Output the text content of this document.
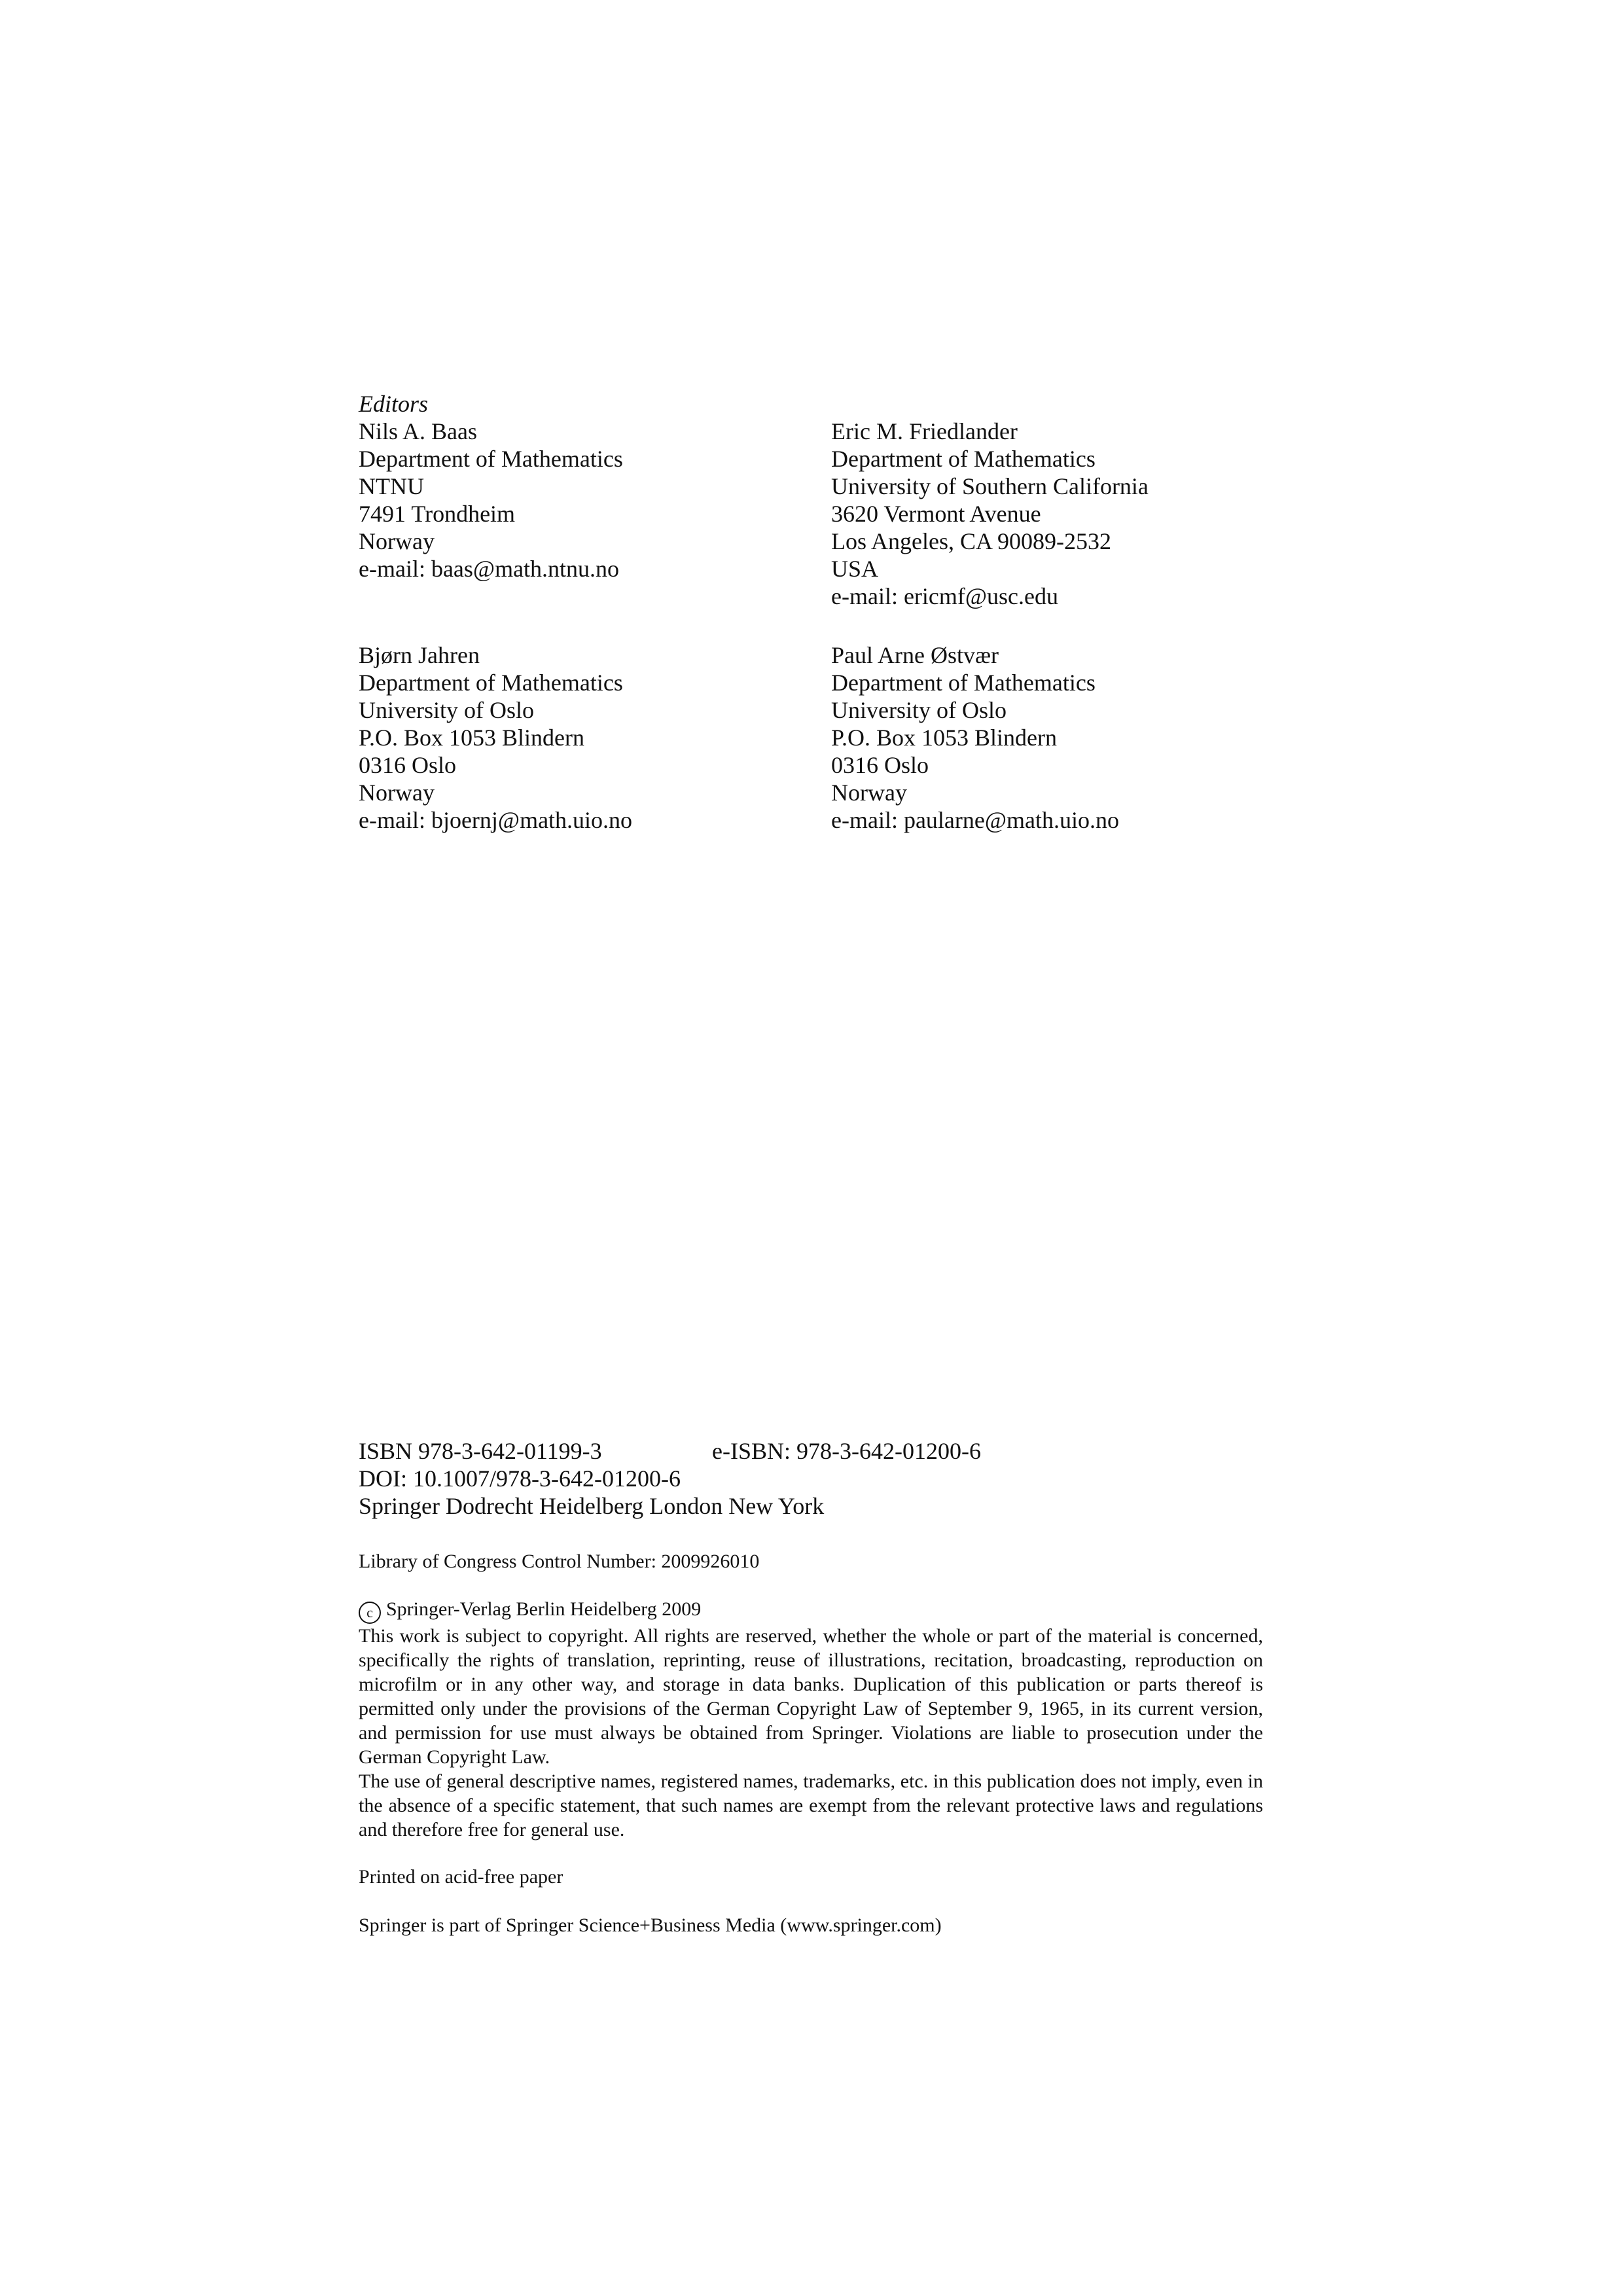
Editors
Nils A. Baas
Department of Mathematics
NTNU
7491 Trondheim
Norway
e-mail: baas@math.ntnu.no
Eric M. Friedlander
Department of Mathematics
University of Southern California
3620 Vermont Avenue
Los Angeles, CA 90089-2532
USA
e-mail: ericmf@usc.edu
Bjørn Jahren
Department of Mathematics
University of Oslo
P.O. Box 1053 Blindern
0316 Oslo
Norway
e-mail: bjoernj@math.uio.no
Paul Arne Østvær
Department of Mathematics
University of Oslo
P.O. Box 1053 Blindern
0316 Oslo
Norway
e-mail: paularne@math.uio.no
ISBN 978-3-642-01199-3	e-ISBN: 978-3-642-01200-6
DOI: 10.1007/978-3-642-01200-6
Springer Dodrecht Heidelberg London New York
Library of Congress Control Number: 2009926010
c Springer-Verlag Berlin Heidelberg 2009
This work is subject to copyright. All rights are reserved, whether the whole or part of the material is concerned, specifically the rights of translation, reprinting, reuse of illustrations, recitation, broadcasting, reproduction on microfilm or in any other way, and storage in data banks. Duplication of this publication or parts thereof is permitted only under the provisions of the German Copyright Law of September 9, 1965, in its current version, and permission for use must always be obtained from Springer. Violations are liable to prosecution under the German Copyright Law.
The use of general descriptive names, registered names, trademarks, etc. in this publication does not imply, even in the absence of a specific statement, that such names are exempt from the relevant protective laws and regulations and therefore free for general use.
Printed on acid-free paper
Springer is part of Springer Science+Business Media (www.springer.com)
